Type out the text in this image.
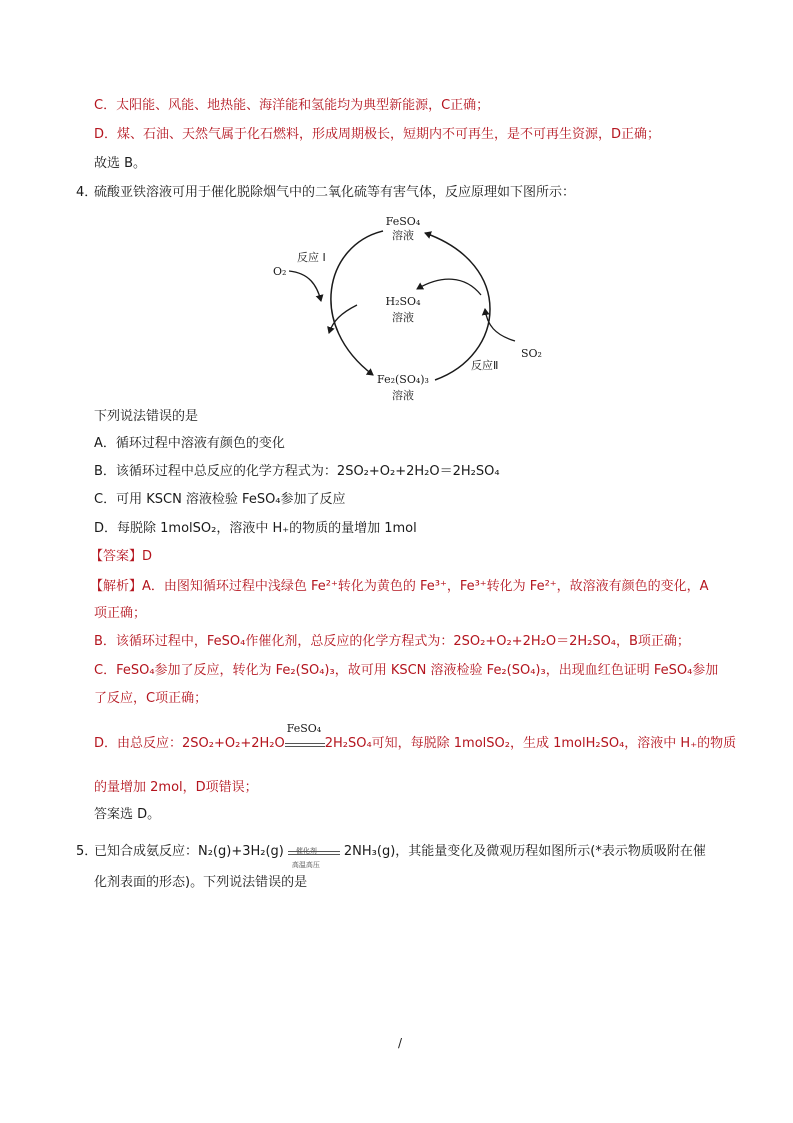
C．太阳能、风能、地热能、海洋能和氢能均为典型新能源，C正确；
D．煤、石油、天然气属于化石燃料，形成周期极长，短期内不可再生，是不可再生资源，D正确；
故选 B。
4．
硫酸亚铁溶液可用于催化脱除烟气中的二氧化硫等有害气体，反应原理如下图所示：
FeSO₄
溶液
H₂SO₄
溶液
Fe₂(SO₄)₃
溶液
反应 Ⅰ
反应Ⅱ
O₂
SO₂
下列说法错误的是
A．循环过程中溶液有颜色的变化
B．该循环过程中总反应的化学方程式为：2SO₂+O₂+2H₂O＝2H₂SO₄
C．可用 KSCN 溶液检验 FeSO₄参加了反应
D．每脱除 1molSO₂，溶液中 H₊的物质的量增加 1mol
【答案】D
【解析】A．由图知循环过程中浅绿色 Fe²⁺转化为黄色的 Fe³⁺，Fe³⁺转化为 Fe²⁺，故溶液有颜色的变化，A
项正确；
B．该循环过程中，FeSO₄作催化剂，总反应的化学方程式为：2SO₂+O₂+2H₂O＝2H₂SO₄，B项正确；
C．FeSO₄参加了反应，转化为 Fe₂(SO₄)₃，故可用 KSCN 溶液检验 Fe₂(SO₄)₃，出现血红色证明 FeSO₄参加
了反应，C项正确；
D．由总反应：2SO₂+O₂+2H₂O
FeSO₄
2H₂SO₄可知，每脱除 1molSO₂，生成 1molH₂SO₄，溶液中 H₊的物质
的量增加 2mol，D项错误；
答案选 D。
5．
已知合成氨反应：N₂(g)+3H₂(g) 催化剂
高温高压
2NH₃(g)，其能量变化及微观历程如图所示(*表示物质吸附在催
化剂表面的形态)。下列说法错误的是
/
